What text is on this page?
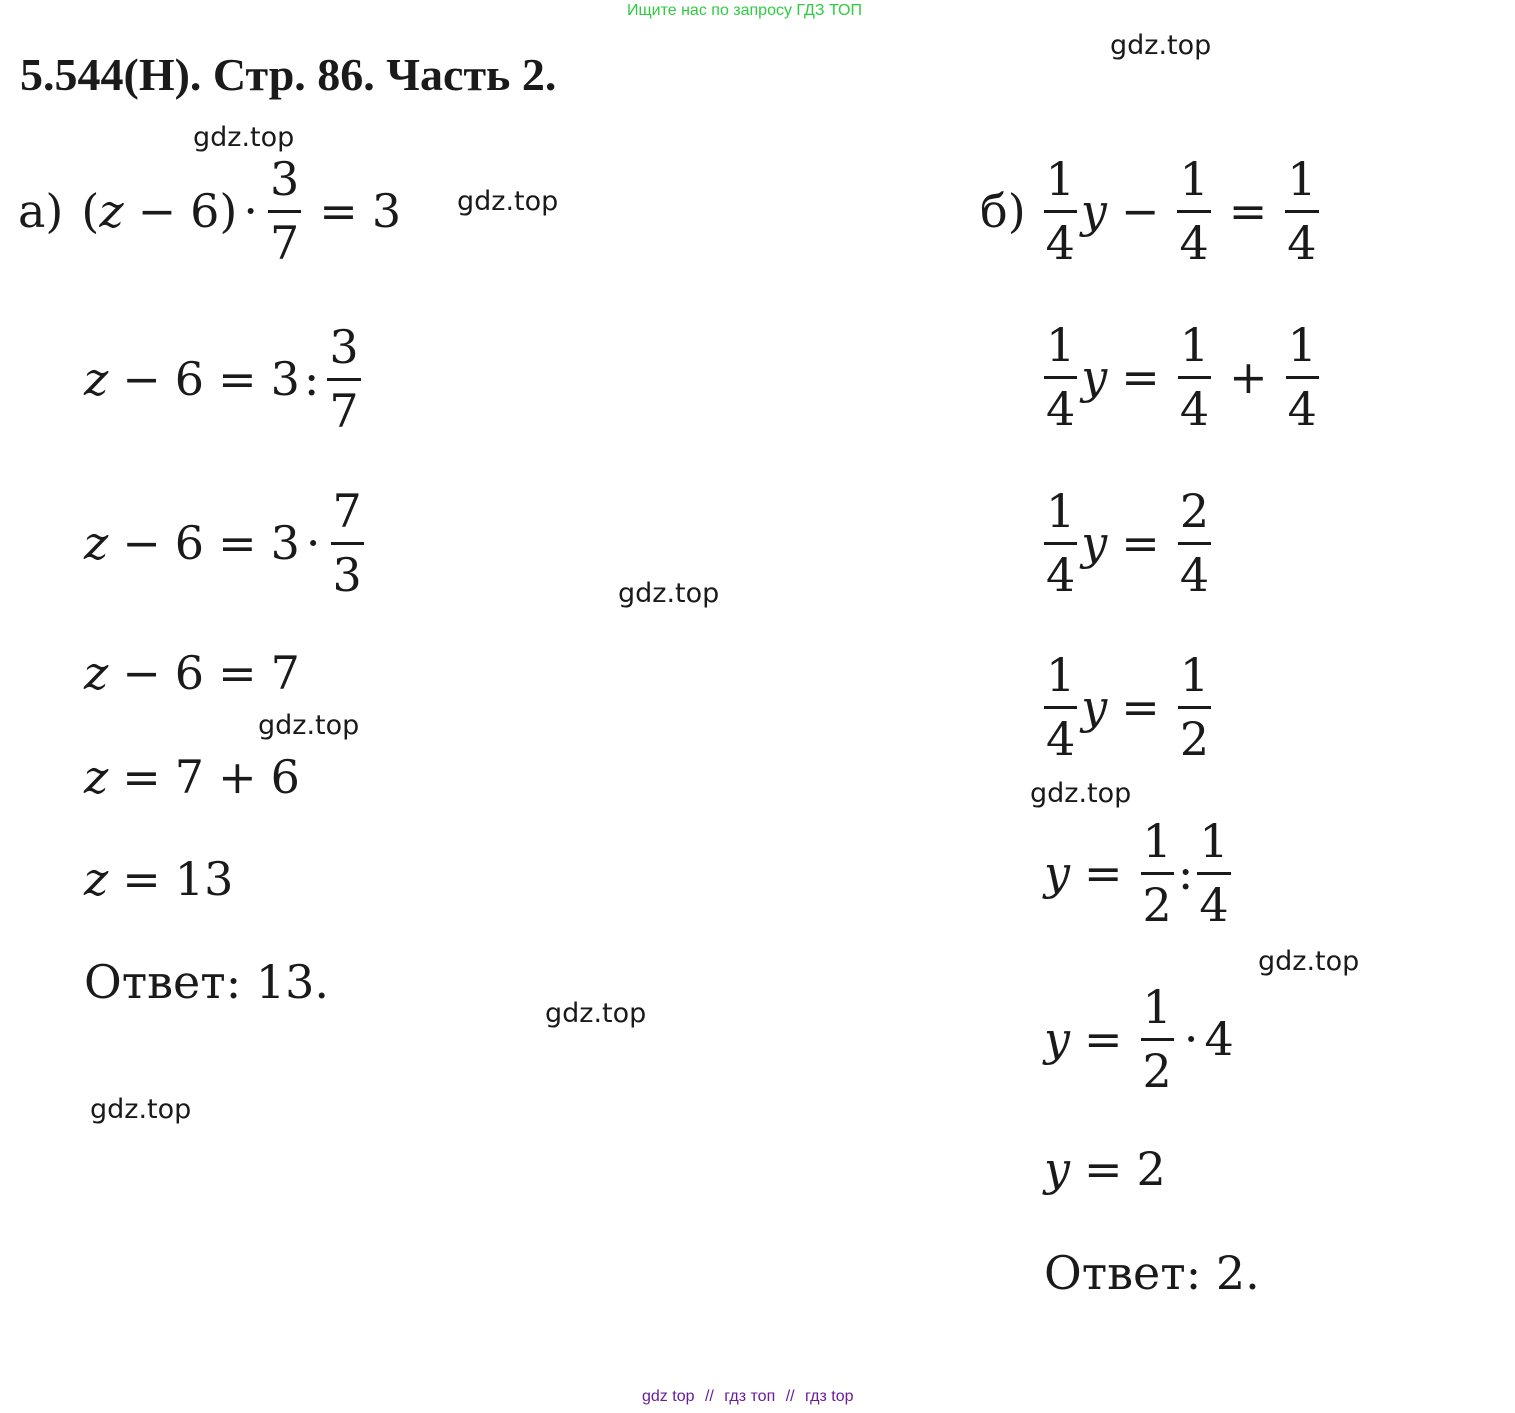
Ищите нас по запросу ГДЗ ТОП
5.544(Н). Стр. 86. Часть 2.
gdz.top
gdz.top
gdz.top
gdz.top
gdz.top
gdz.top
gdz.top
gdz.top
gdz.top
а) ( z − 6 ) · $\frac{3}{7} = 3$
z − 6 = 3 : $\frac{3}{7}$
$z - 6 = 3 \cdot \frac{7}{3}$
z − 6 = 7
z = 7 + 6
z = 13
Ответ: 13.
$б) \frac{1}{4}$ $y - \frac{1}{4} = \frac{1}{4}$
$\frac{1}{4}$ $y = \frac{1}{4} + \frac{1}{4}$
$\frac{1}{4}$ $y = \frac{2}{4}$
$\frac{1}{4}$ $y = \frac{1}{2}$
$y = \frac{1}{2}$ : $\frac{1}{4}$
$y = \frac{1}{2} \cdot 4$
y = 2
Ответ: 2.
gdz top // гдз топ // гдз top
